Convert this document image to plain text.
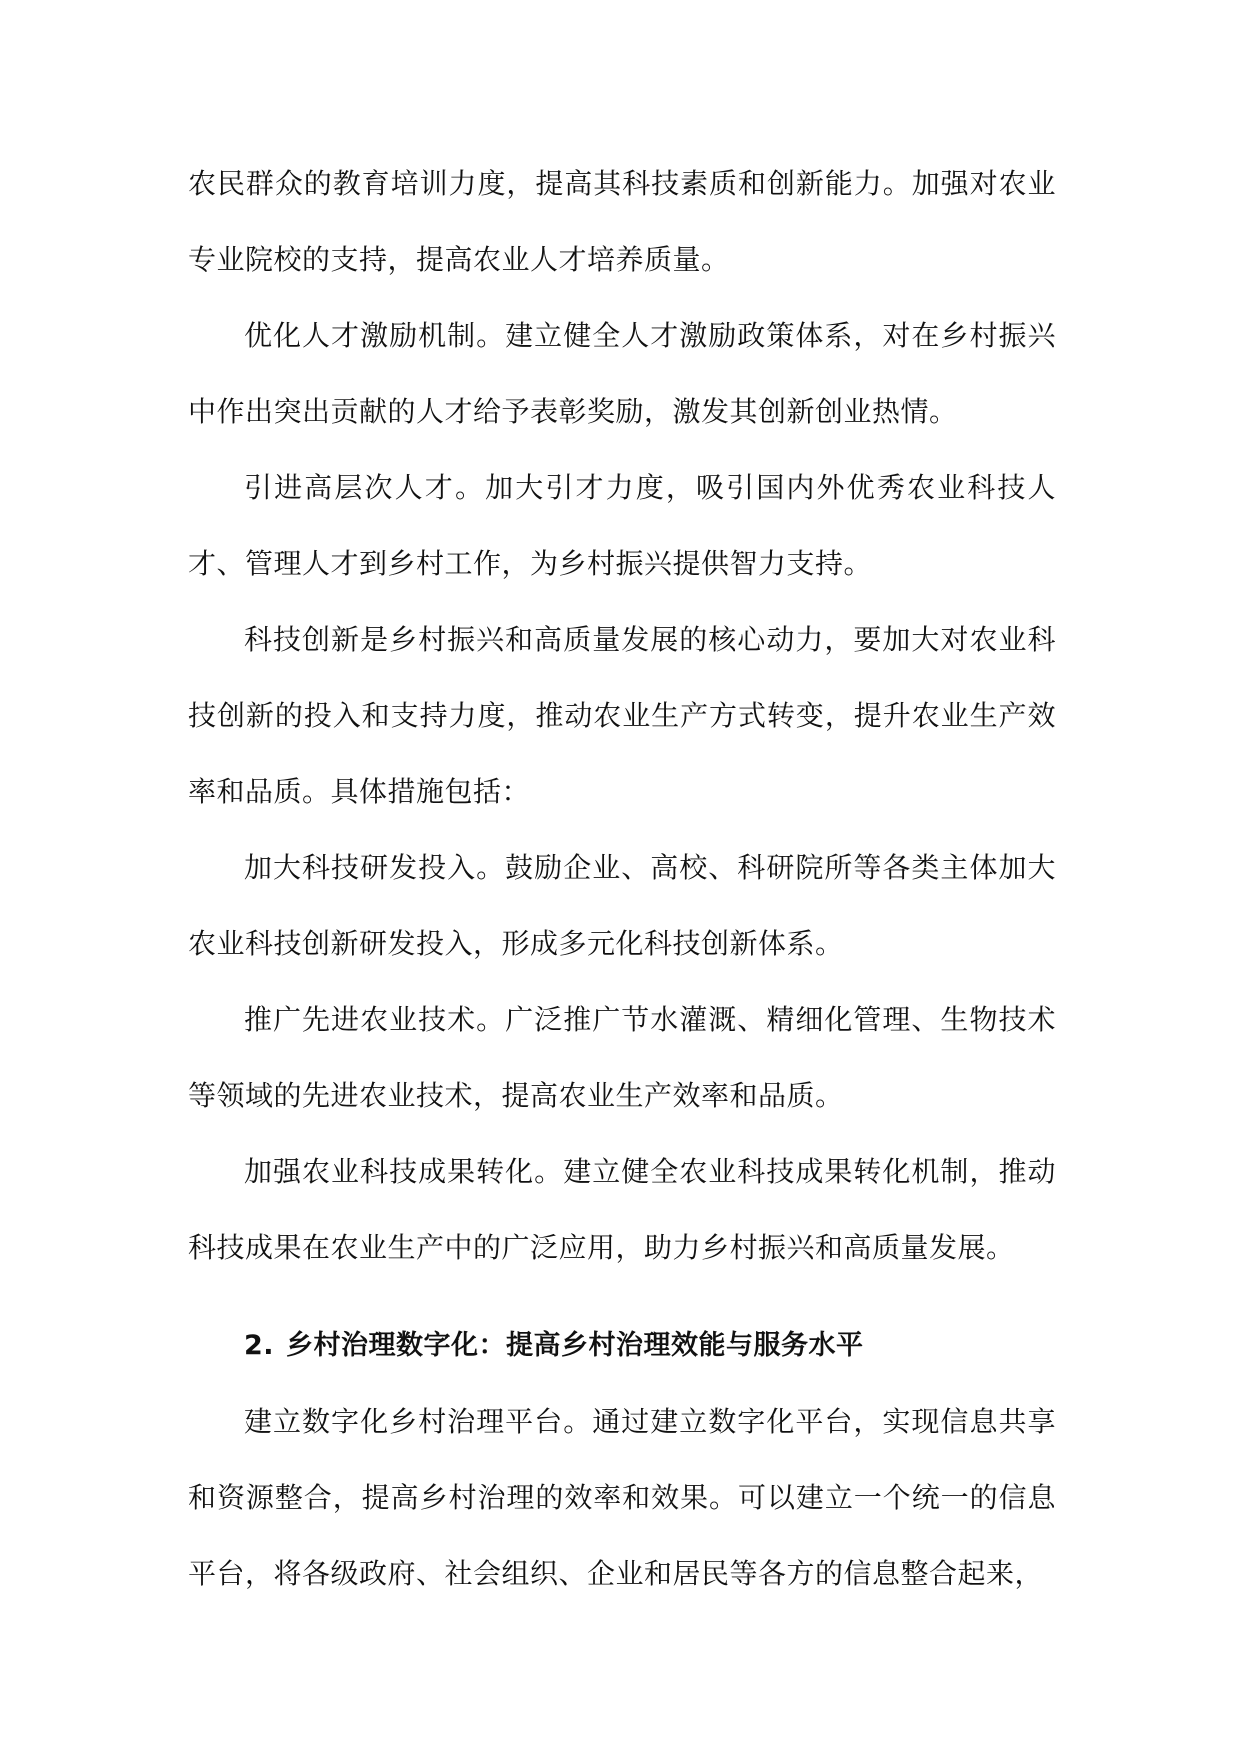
农民群众的教育培训力度，提高其科技素质和创新能力。加强对农业专业院校的支持，提高农业人才培养质量。

优化人才激励机制。建立健全人才激励政策体系，对在乡村振兴中作出突出贡献的人才给予表彰奖励，激发其创新创业热情。

引进高层次人才。加大引才力度，吸引国内外优秀农业科技人才、管理人才到乡村工作，为乡村振兴提供智力支持。

科技创新是乡村振兴和高质量发展的核心动力，要加大对农业科技创新的投入和支持力度，推动农业生产方式转变，提升农业生产效率和品质。具体措施包括：

加大科技研发投入。鼓励企业、高校、科研院所等各类主体加大农业科技创新研发投入，形成多元化科技创新体系。

推广先进农业技术。广泛推广节水灌溉、精细化管理、生物技术等领域的先进农业技术，提高农业生产效率和品质。

加强农业科技成果转化。建立健全农业科技成果转化机制，推动科技成果在农业生产中的广泛应用，助力乡村振兴和高质量发展。

2. 乡村治理数字化：提高乡村治理效能与服务水平

建立数字化乡村治理平台。通过建立数字化平台，实现信息共享和资源整合，提高乡村治理的效率和效果。可以建立一个统一的信息平台，将各级政府、社会组织、企业和居民等各方的信息整合起来，
